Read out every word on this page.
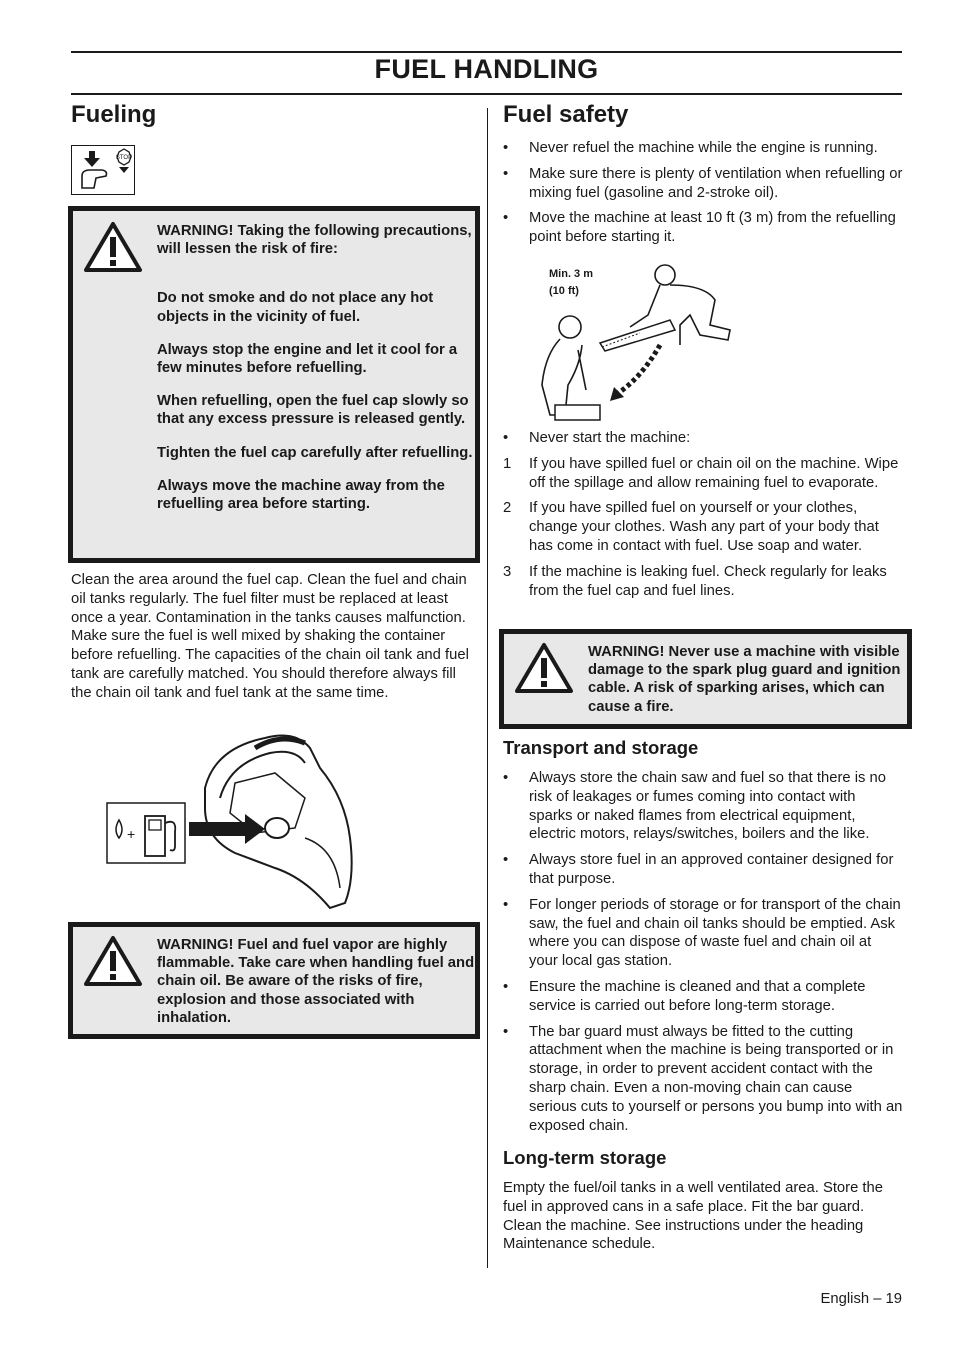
FUEL HANDLING
Fueling
STOP
WARNING! Taking the following precautions, will lessen the risk of fire:
Do not smoke and do not place any hot objects in the vicinity of fuel.
Always stop the engine and let it cool for a few minutes before refuelling.
When refuelling, open the fuel cap slowly so that any excess pressure is released gently.
Tighten the fuel cap carefully after refuelling.
Always move the machine away from the refuelling area before starting.

Clean the area around the fuel cap. Clean the fuel and chain oil tanks regularly. The fuel filter must be replaced at least once a year. Contamination in the tanks causes malfunction. Make sure the fuel is well mixed by shaking the container before refuelling. The capacities of the chain oil tank and fuel tank are carefully matched. You should therefore always fill the chain oil tank and fuel tank at the same time.

+
WARNING! Fuel and fuel vapor are highly flammable. Take care when handling fuel and chain oil. Be aware of the risks of fire, explosion and those associated with inhalation.
Fuel safety
•	Never refuel the machine while the engine is running.
•	Make sure there is plenty of ventilation when refuelling or mixing fuel (gasoline and 2-stroke oil).
•	Move the machine at least 10 ft (3 m) from the refuelling point before starting it.
Min. 3 m
(10 ft)
•	Never start the machine:
1	If you have spilled fuel or chain oil on the machine. Wipe off the spillage and allow remaining fuel to evaporate.
2	If you have spilled fuel on yourself or your clothes, change your clothes. Wash any part of your body that has come in contact with fuel. Use soap and water.
3	If the machine is leaking fuel. Check regularly for leaks from the fuel cap and fuel lines.
WARNING! Never use a machine with visible damage to the spark plug guard and ignition cable. A risk of sparking arises, which can cause a fire.
Transport and storage
•	Always store the chain saw and fuel so that there is no risk of leakages or fumes coming into contact with sparks or naked flames from electrical equipment, electric motors, relays/switches, boilers and the like.
•	Always store fuel in an approved container designed for that purpose.
•	For longer periods of storage or for transport of the chain saw, the fuel and chain oil tanks should be emptied. Ask where you can dispose of waste fuel and chain oil at your local gas station.
•	Ensure the machine is cleaned and that a complete service is carried out before long-term storage.
•	The bar guard must always be fitted to the cutting attachment when the machine is being transported or in storage, in order to prevent accident contact with the sharp chain. Even a non-moving chain can cause serious cuts to yourself or persons you bump into with an exposed chain.
Long-term storage

Empty the fuel/oil tanks in a well ventilated area. Store the fuel in approved cans in a safe place. Fit the bar guard. Clean the machine. See instructions under the heading Maintenance schedule.

English – 19
